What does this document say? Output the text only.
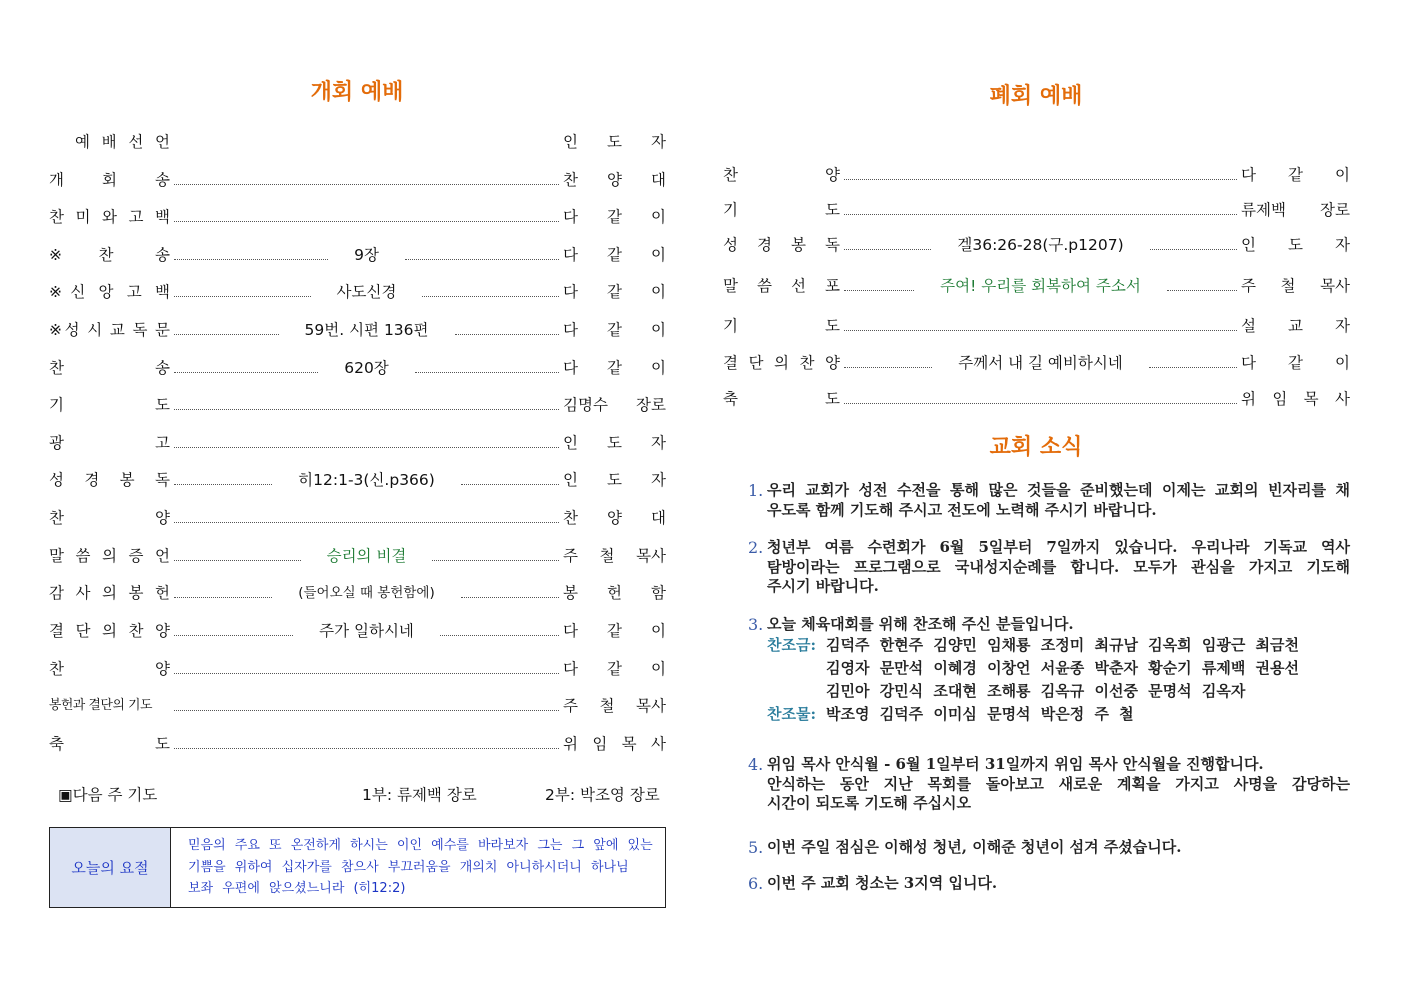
개회 예배
예 배 선 언	인 도 자
개 회 송	찬 양 대
찬 미 와 고 백	다 같 이
※찬 송	9장	다 같 이
※신 앙 고 백	사도신경	다 같 이
※성 시 교 독 문	59번. 시편 136편	다 같 이
찬 송	620장	다 같 이
기 도	김명수 장로
광 고	인 도 자
성 경 봉 독	히12:1-3(신.p366)	인 도 자
찬 양	찬 양 대
말 씀 의 증 언	승리의 비결	주 철 목사
감 사 의 봉 헌	(들어오실 때 봉헌함에)	봉 헌 함
결 단 의 찬 양	주가 일하시네	다 같 이
찬 양	다 같 이
봉헌과 결단의 기도	주 철 목사
축 도	위 임 목 사
▣다음 주 기도	1부: 류제백 장로	2부: 박조영 장로
오늘의 요절
믿음의 주요 또 온전하게 하시는 이인 예수를 바라보자 그는 그 앞에 있는
기쁨을 위하여 십자가를 참으사 부끄러움을 개의치 아니하시더니 하나님
보좌 우편에 앉으셨느니라 (히12:2)
폐회 예배
찬 양	다 같 이
기 도	류제백 장로
성 경 봉 독	겔36:26-28(구.p1207)	인 도 자
말 씀 선 포	주여! 우리를 회복하여 주소서	주 철 목사
기 도	설 교 자
결 단 의 찬 양	주께서 내 길 예비하시네	다 같 이
축 도	위 임 목 사
교회 소식
1. 우리 교회가 성전 수전을 통해 많은 것들을 준비했는데 이제는 교회의 빈자리를 채
우도록 함께 기도해 주시고 전도에 노력해 주시기 바랍니다.
2. 청년부 여름 수련회가 6월 5일부터 7일까지 있습니다. 우리나라 기독교 역사
탐방이라는 프로그램으로 국내성지순례를 합니다. 모두가 관심을 가지고 기도해
주시기 바랍니다.
3. 오늘 체육대회를 위해 찬조해 주신 분들입니다.
찬조금: 김덕주 한현주 김양민 임채룡 조정미 최규남 김옥희 임광근 최금천
김영자 문만석 이혜경 이창언 서윤종 박춘자 황순기 류제백 권용선
김민아 강민식 조대현 조해룡 김옥규 이선중 문명석 김옥자
찬조물: 박조영 김덕주 이미심 문명석 박은정 주 철
4. 위임 목사 안식월 - 6월 1일부터 31일까지 위임 목사 안식월을 진행합니다.
안식하는 동안 지난 목회를 돌아보고 새로운 계획을 가지고 사명을 감당하는
시간이 되도록 기도해 주십시오
5. 이번 주일 점심은 이해성 청년, 이해준 청년이 섬겨 주셨습니다.
6. 이번 주 교회 청소는 3지역 입니다.
